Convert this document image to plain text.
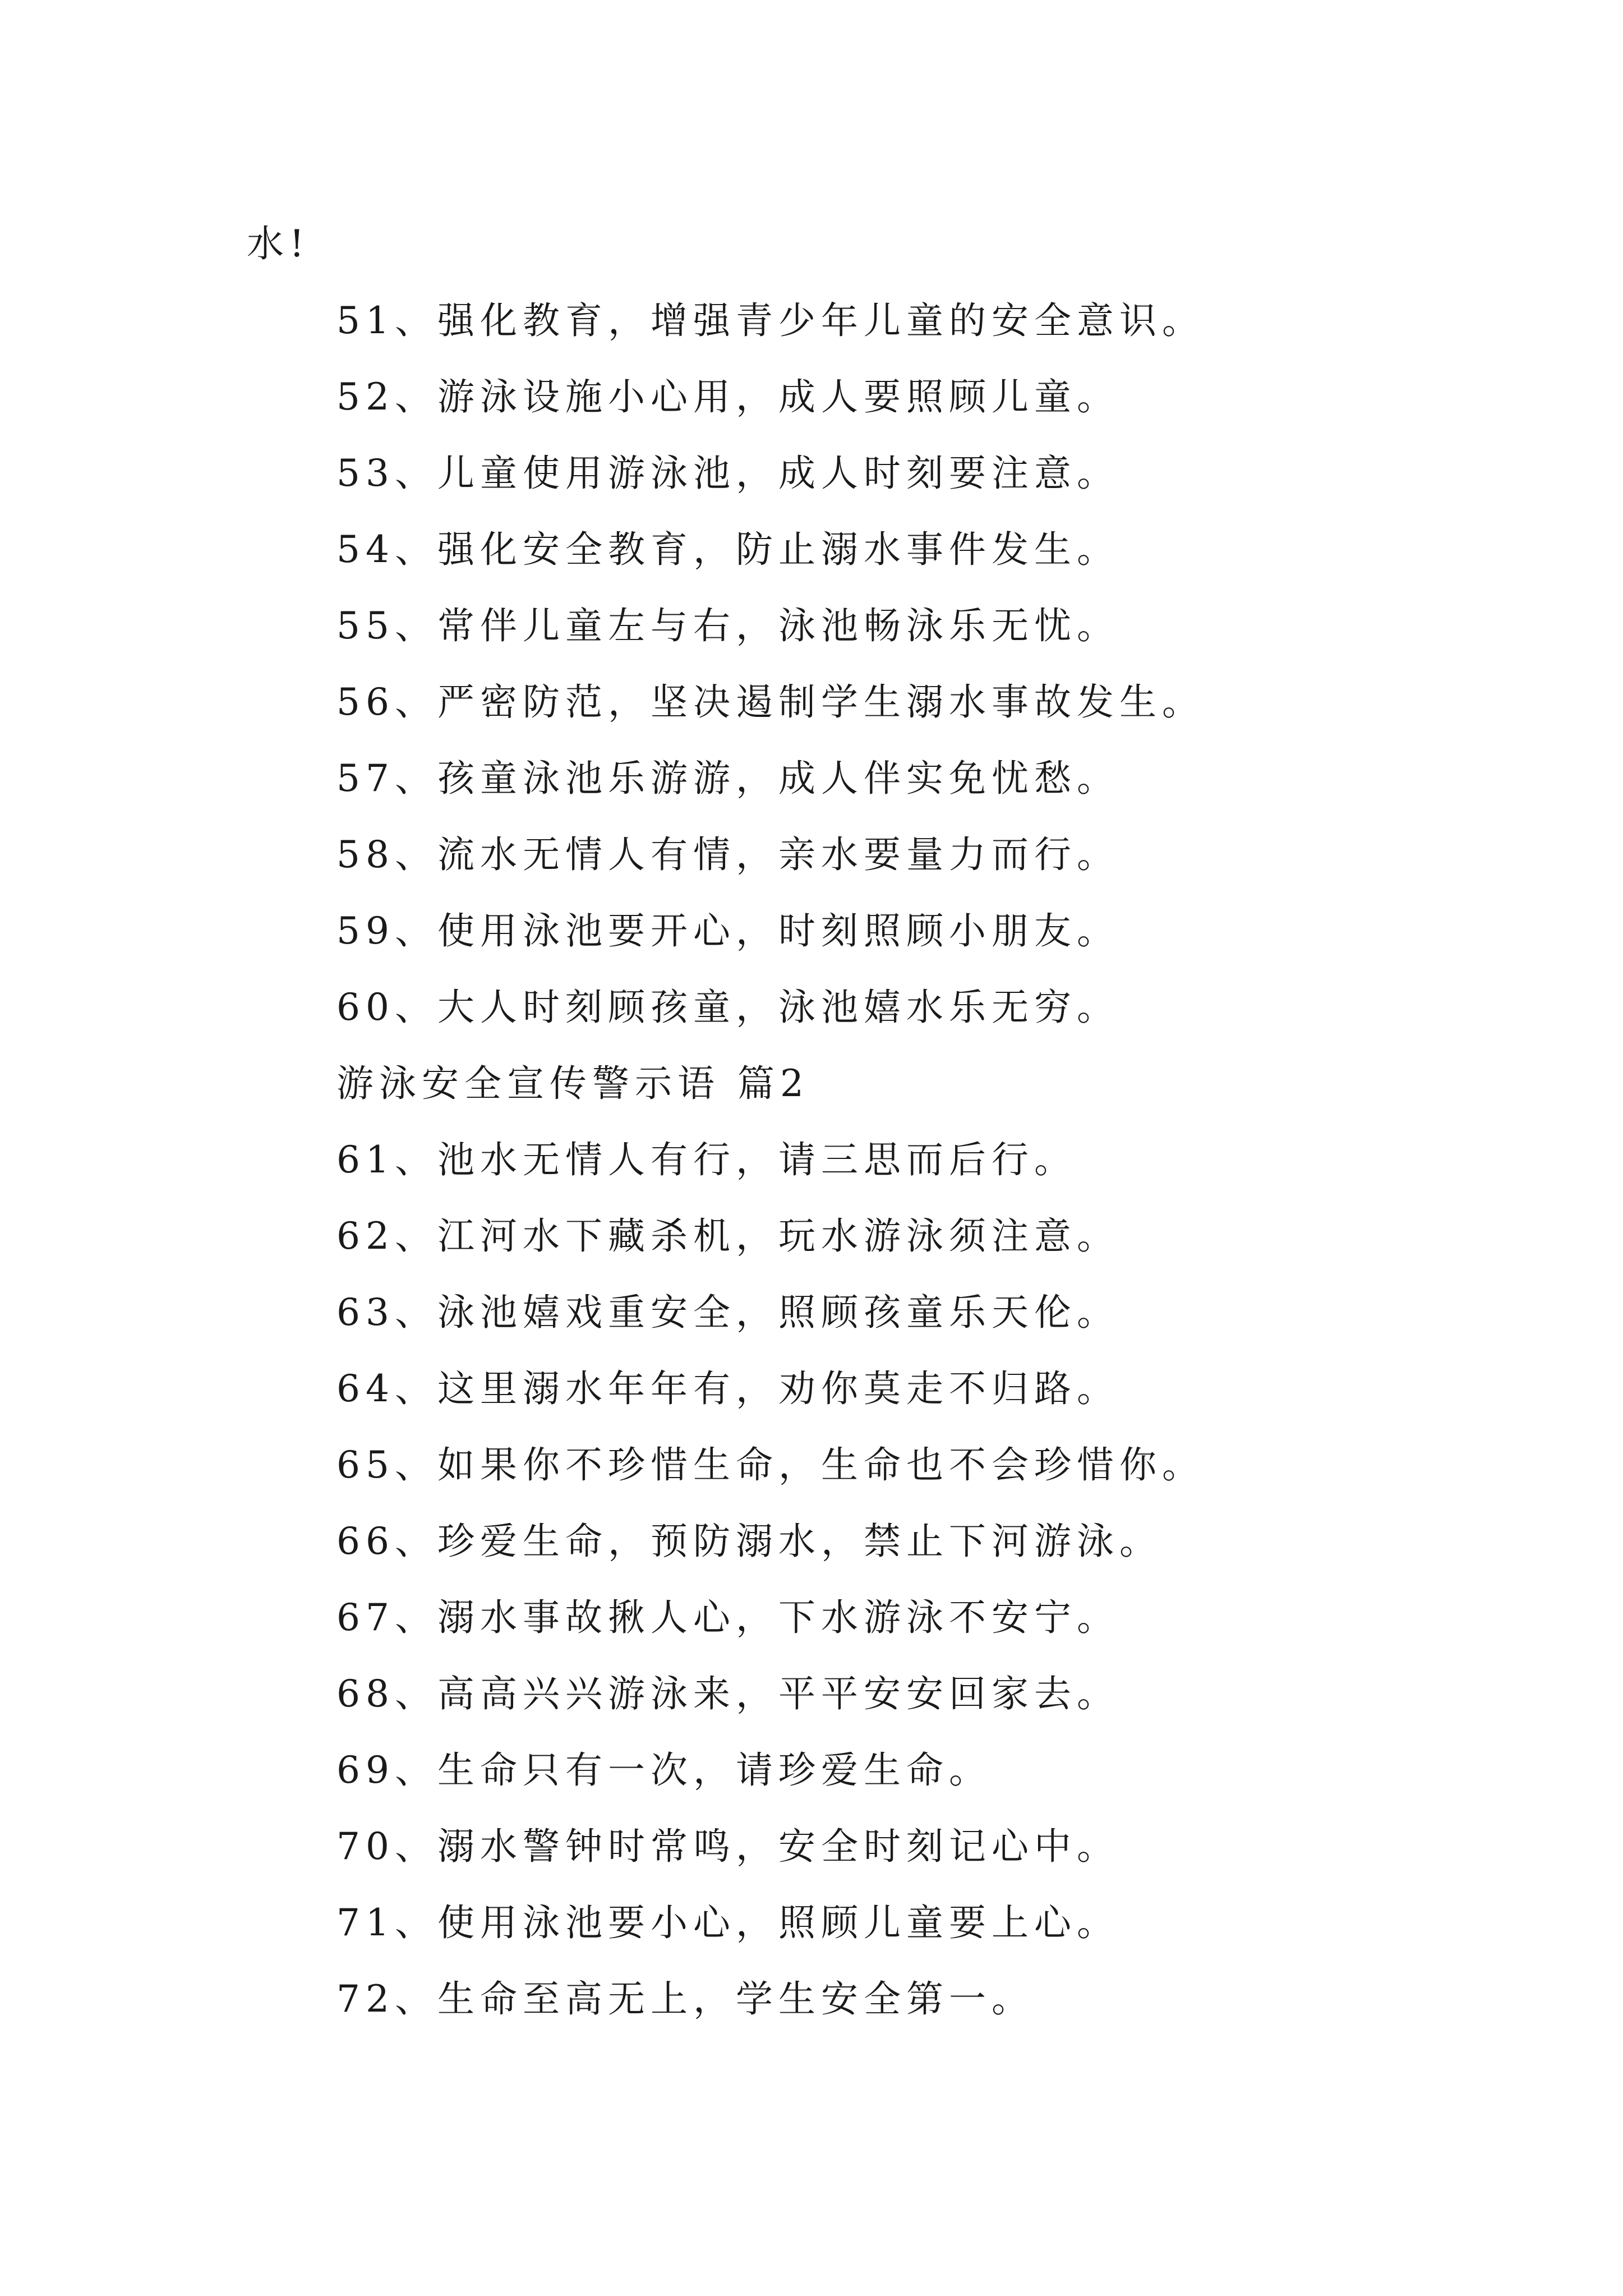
水!
51、强化教育，增强青少年儿童的安全意识。
52、游泳设施小心用，成人要照顾儿童。
53、儿童使用游泳池，成人时刻要注意。
54、强化安全教育，防止溺水事件发生。
55、常伴儿童左与右，泳池畅泳乐无忧。
56、严密防范，坚决遏制学生溺水事故发生。
57、孩童泳池乐游游，成人伴实免忧愁。
58、流水无情人有情，亲水要量力而行。
59、使用泳池要开心，时刻照顾小朋友。
60、大人时刻顾孩童，泳池嬉水乐无穷。
游泳安全宣传警示语 篇2
61、池水无情人有行，请三思而后行。
62、江河水下藏杀机，玩水游泳须注意。
63、泳池嬉戏重安全，照顾孩童乐天伦。
64、这里溺水年年有，劝你莫走不归路。
65、如果你不珍惜生命，生命也不会珍惜你。
66、珍爱生命，预防溺水，禁止下河游泳。
67、溺水事故揪人心，下水游泳不安宁。
68、高高兴兴游泳来，平平安安回家去。
69、生命只有一次，请珍爱生命。
70、溺水警钟时常鸣，安全时刻记心中。
71、使用泳池要小心，照顾儿童要上心。
72、生命至高无上，学生安全第一。
